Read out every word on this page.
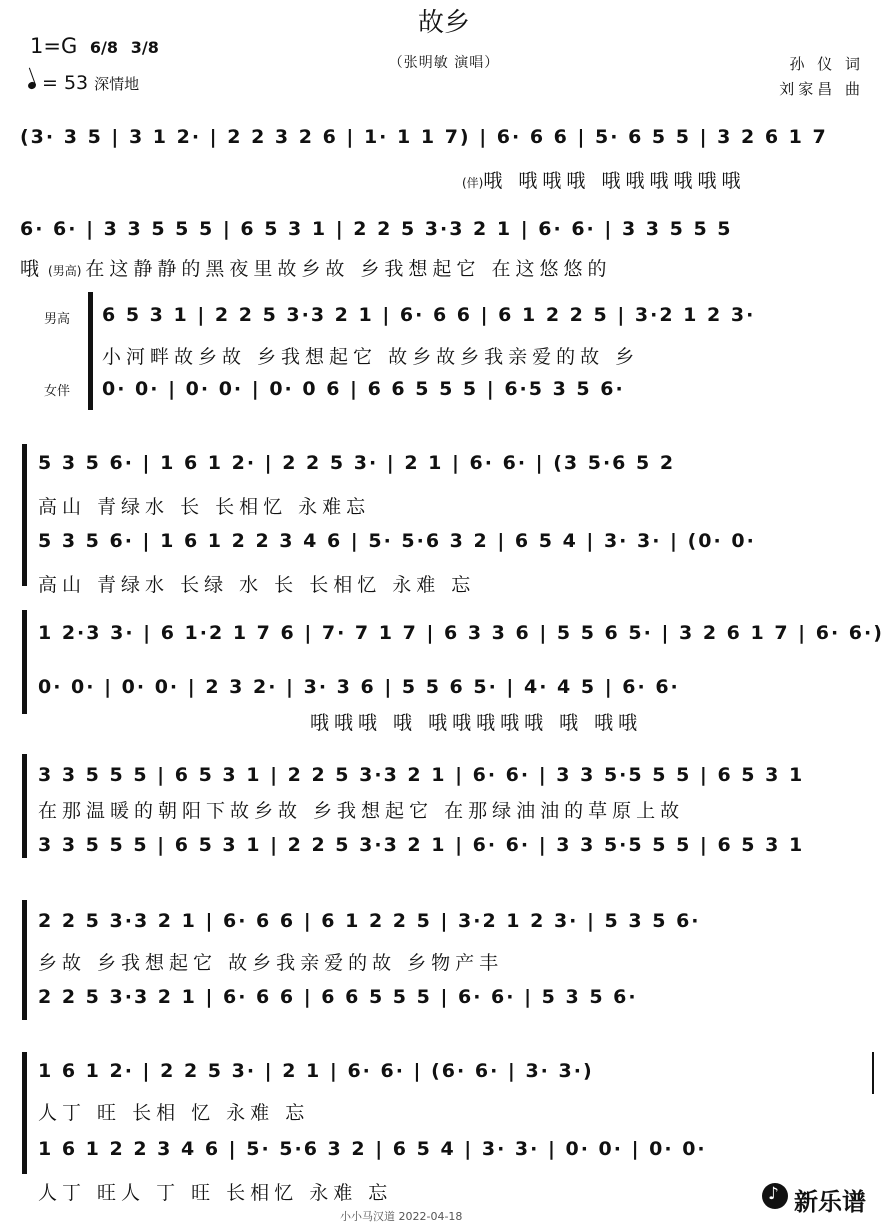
故乡
1=G 6/8 3/8
= 53 深情地
（张明敏 演唱）	孙 仪 词
刘家昌 曲
(3· 3 5 | 3 1 2· | 2 2 3 2 6 | 1· 1 1 7) | 6· 6 6 | 5· 6 5 5 | 3 2 6 1 7
(伴)哦 哦哦哦 哦哦哦哦哦哦
6· 6· | 3 3 5 5 5 | 6 5 3 1 | 2 2 5 3·3 2 1 | 6· 6· | 3 3 5 5 5
哦 (男高) 在这静静的黑夜里故乡故 乡我想起它 在这悠悠的
男高
女伴
6 5 3 1 | 2 2 5 3·3 2 1 | 6· 6 6 | 6 1 2 2 5 | 3·2 1 2 3·
小河畔故乡故 乡我想起它 故乡故乡我亲爱的故 乡
0· 0· | 0· 0· | 0· 0 6 | 6 6 5 5 5 | 6·5 3 5 6·
5 3 5 6· | 1 6 1 2· | 2 2 5 3· | 2 1 | 6· 6· | (3 5·6 5 2
高山 青绿水 长 长相忆 永难忘
5 3 5 6· | 1 6 1 2 2 3 4 6 | 5· 5·6 3 2 | 6 5 4 | 3· 3· | (0· 0·
高山 青绿水 长绿 水 长 长相忆 永难 忘
1 2·3 3· | 6 1·2 1 7 6 | 7· 7 1 7 | 6 3 3 6 | 5 5 6 5· | 3 2 6 1 7 | 6· 6·)
0· 0· | 0· 0· | 2 3 2· | 3· 3 6 | 5 5 6 5· | 4· 4 5 | 6· 6·
哦哦哦 哦 哦哦哦哦哦 哦 哦哦
3 3 5 5 5 | 6 5 3 1 | 2 2 5 3·3 2 1 | 6· 6· | 3 3 5·5 5 5 | 6 5 3 1
在那温暖的朝阳下故乡故 乡我想起它 在那绿油油的草原上故
3 3 5 5 5 | 6 5 3 1 | 2 2 5 3·3 2 1 | 6· 6· | 3 3 5·5 5 5 | 6 5 3 1
2 2 5 3·3 2 1 | 6· 6 6 | 6 1 2 2 5 | 3·2 1 2 3· | 5 3 5 6·
乡故 乡我想起它 故乡我亲爱的故 乡物产丰
2 2 5 3·3 2 1 | 6· 6 6 | 6 6 5 5 5 | 6· 6· | 5 3 5 6·
1 6 1 2· | 2 2 5 3· | 2 1 | 6· 6· | (6· 6· | 3· 3·)
人丁 旺 长相 忆 永难 忘
1 6 1 2 2 3 4 6 | 5· 5·6 3 2 | 6 5 4 | 3· 3· | 0· 0· | 0· 0·
人丁 旺人 丁 旺 长相忆 永难 忘
小小马汉道 2022-04-18
♪
新乐谱
